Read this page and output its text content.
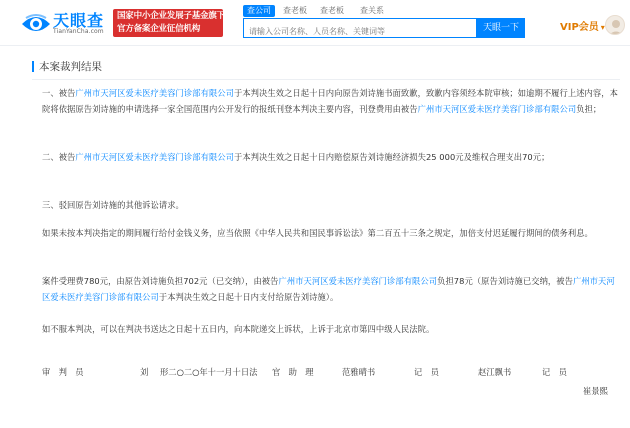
天眼查
TianYanCha.com
国家中小企业发展子基金旗下
官方备案企业征信机构
查公司	查老板 查老板 查关系
请输入公司名称、人员名称、关键词等
天眼一下	VIP会员 ▾
本案裁判结果
一、被告广州市天河区爱未医疗美容门诊部有限公司于本判决生效之日起十日内向原告刘诗施书面致歉，致歉内容须经本院审核；如逾期不履行上述内容，本院将依据原告刘诗施的申请选择一家全国范围内公开发行的报纸刊登本判决主要内容，刊登费用由被告广州市天河区爱未医疗美容门诊部有限公司负担；
二、被告广州市天河区爱未医疗美容门诊部有限公司于本判决生效之日起十日内赔偿原告刘诗施经济损失25 000元及维权合理支出70元；
三、驳回原告刘诗施的其他诉讼请求。
如果未按本判决指定的期间履行给付金钱义务，应当依照《中华人民共和国民事诉讼法》第二百五十三条之规定，加倍支付迟延履行期间的债务利息。
案件受理费780元，由原告刘诗施负担702元（已交纳），由被告广州市天河区爱未医疗美容门诊部有限公司负担78元（原告刘诗施已交纳，被告广州市天河区爱未医疗美容门诊部有限公司于本判决生效之日起十日内支付给原告刘诗施）。
如不服本判决，可以在判决书送达之日起十五日内，向本院递交上诉状，上诉于北京市第四中级人民法院。
审　判　员	刘 形二○二○年十一月十日法 官　助　理	范雅晴书	记　员	赵江飘书	记　员
崔景熙
